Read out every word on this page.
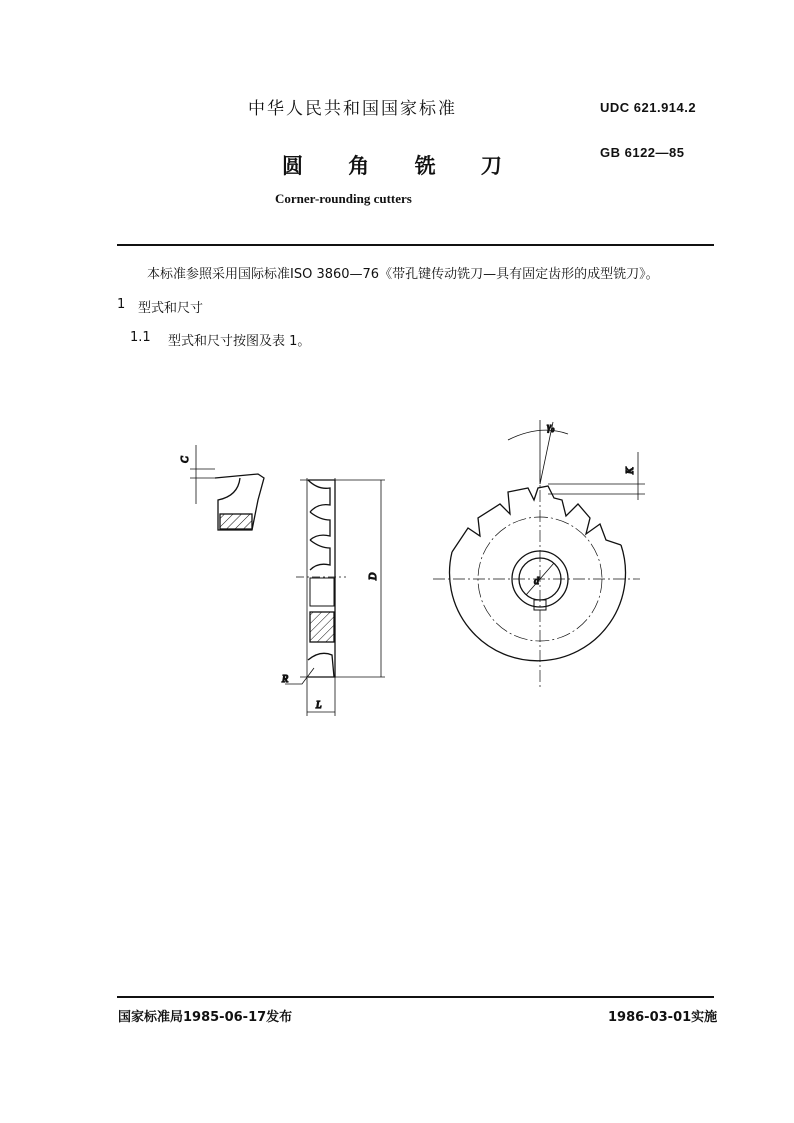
中华人民共和国国家标准	UDC 621.914.2
GB 6122—85
圆 角 铣 刀
Corner-rounding cutters
本标准参照采用国际标准ISO 3860—76《带孔键传动铣刀—具有固定齿形的成型铣刀》。
1 型式和尺寸
1.1 型式和尺寸按图及表 1。
C
D
R
L
γ₀
K
d
国家标准局1985-06-17发布	1986-03-01实施
